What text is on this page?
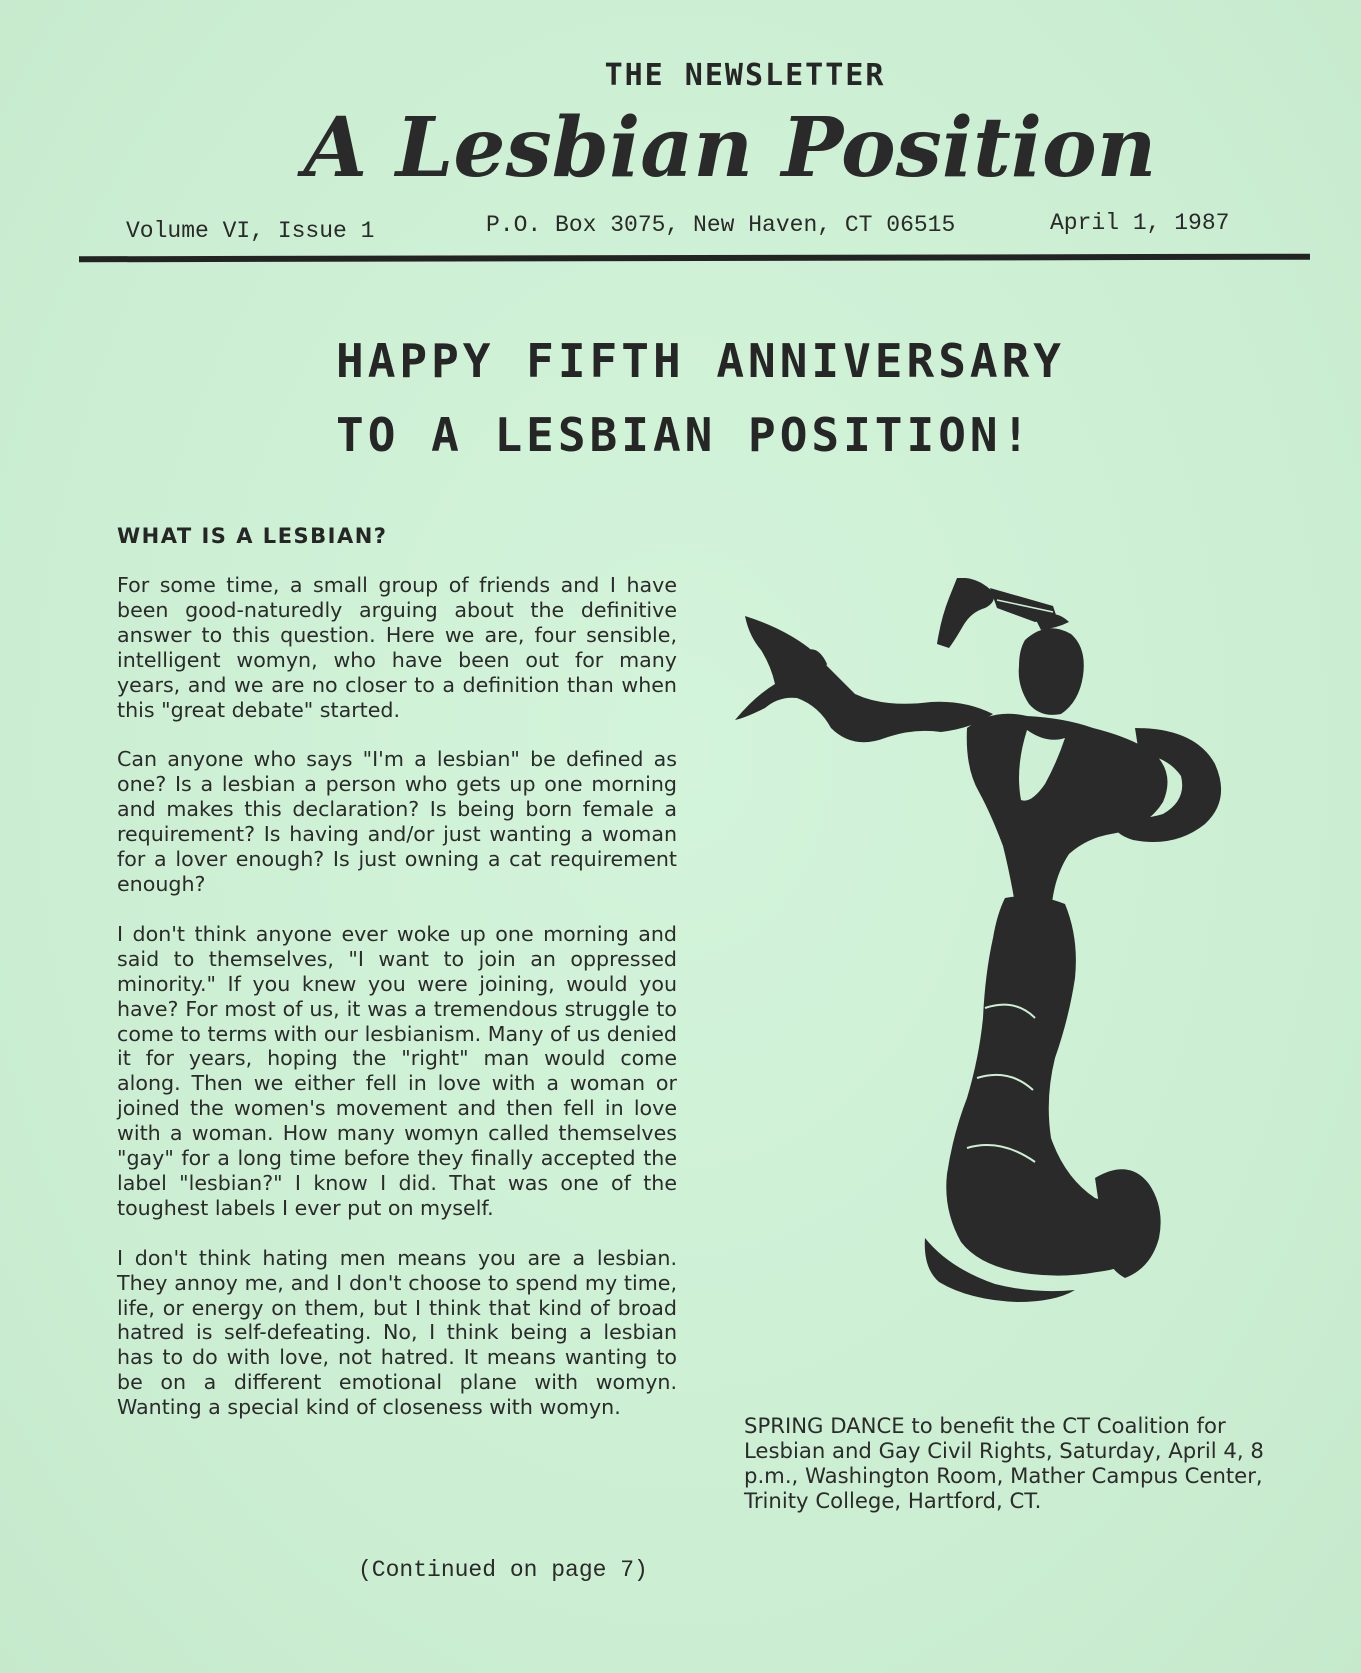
THE NEWSLETTER
A Lesbian Position
Volume VI, Issue 1	P.O. Box 3075, New Haven, CT 06515	April 1, 1987
HAPPY FIFTH ANNIVERSARY
TO A LESBIAN POSITION!
WHAT IS A LESBIAN?

For some time, a small group of friends and I have been good-naturedly arguing about the definitive answer to this question. Here we are, four sensible, intelligent womyn, who have been out for many years, and we are no closer to a definition than when this "great debate" started.

Can anyone who says "I'm a lesbian" be defined as one? Is a lesbian a person who gets up one morning and makes this declaration? Is being born female a requirement? Is having and/or just wanting a woman for a lover enough? Is just owning a cat requirement enough?

I don't think anyone ever woke up one morning and said to themselves, "I want to join an oppressed minority." If you knew you were joining, would you have? For most of us, it was a tremendous struggle to come to terms with our lesbianism. Many of us denied it for years, hoping the "right" man would come along. Then we either fell in love with a woman or joined the women's movement and then fell in love with a woman. How many womyn called themselves "gay" for a long time before they finally accepted the label "lesbian?" I know I did. That was one of the toughest labels I ever put on myself.

I don't think hating men means you are a lesbian. They annoy me, and I don't choose to spend my time, life, or energy on them, but I think that kind of broad hatred is self-defeating. No, I think being a lesbian has to do with love, not hatred. It means wanting to be on a different emotional plane with womyn. Wanting a special kind of closeness with womyn.

(Continued on page 7)
SPRING DANCE to benefit the CT Coalition for Lesbian and Gay Civil Rights, Saturday, April 4, 8 p.m., Washington Room, Mather Campus Center, Trinity College, Hartford, CT.
